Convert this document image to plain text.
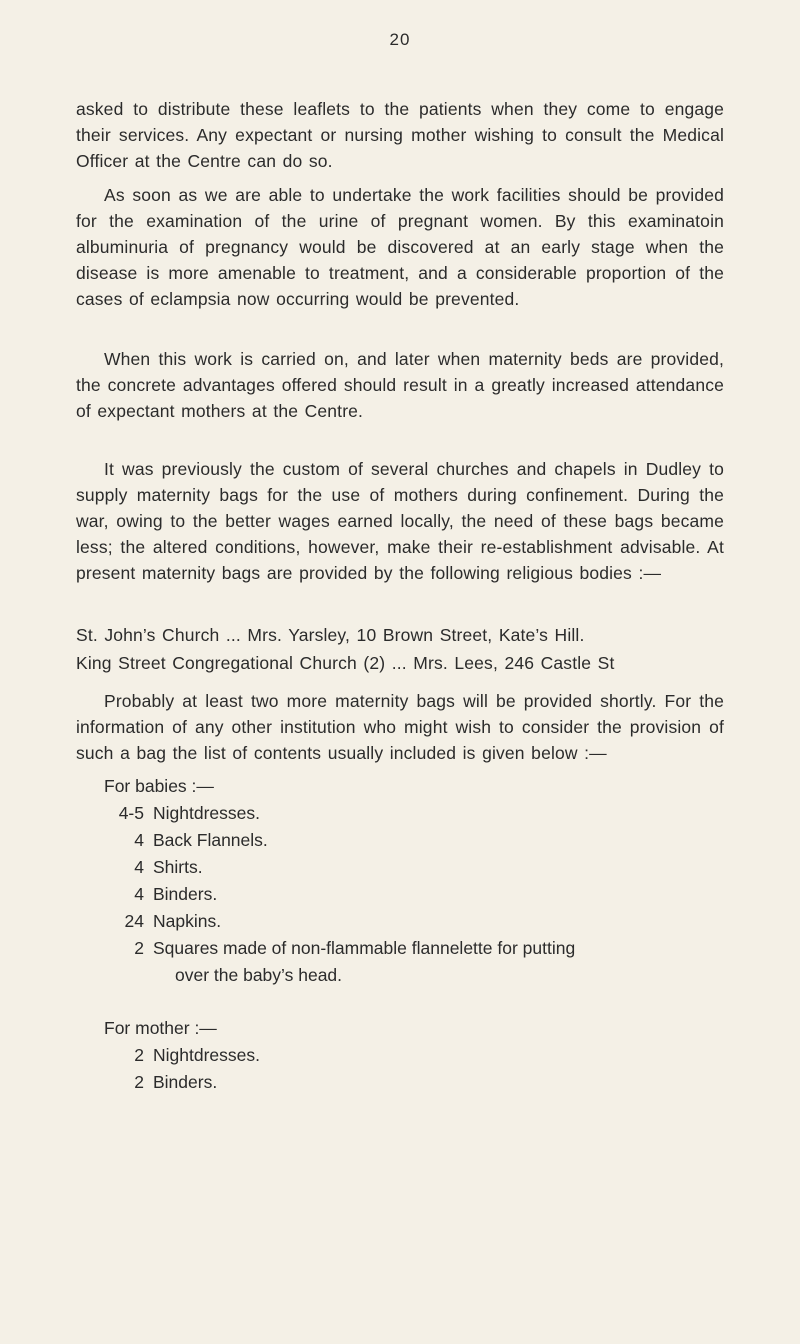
20

asked to distribute these leaflets to the patients when they come to engage their services. Any expectant or nursing mother wishing to consult the Medical Officer at the Centre can do so.

As soon as we are able to undertake the work facilities should be provided for the examination of the urine of pregnant women. By this examinatoin albuminuria of pregnancy would be discovered at an early stage when the disease is more amenable to treatment, and a considerable proportion of the cases of eclampsia now occurring would be prevented.

When this work is carried on, and later when maternity beds are provided, the concrete advantages offered should result in a greatly increased attendance of expectant mothers at the Centre.

It was previously the custom of several churches and chapels in Dudley to supply maternity bags for the use of mothers during confinement. During the war, owing to the better wages earned locally, the need of these bags became less; the altered conditions, however, make their re-establishment advisable. At present maternity bags are provided by the following religious bodies :—

St. John’s Church ... Mrs. Yarsley, 10 Brown Street, Kate’s Hill.

King Street Congregational Church (2) ... Mrs. Lees, 246 Castle St

Probably at least two more maternity bags will be provided shortly. For the information of any other institution who might wish to consider the provision of such a bag the list of contents usually included is given below :—

For babies :—
4-5 Nightdresses.
4 Back Flannels.
4 Shirts.
4 Binders.
24 Napkins.
2 Squares made of non-flammable flannelette for putting
over the baby’s head.
For mother :—
2 Nightdresses.
2 Binders.
